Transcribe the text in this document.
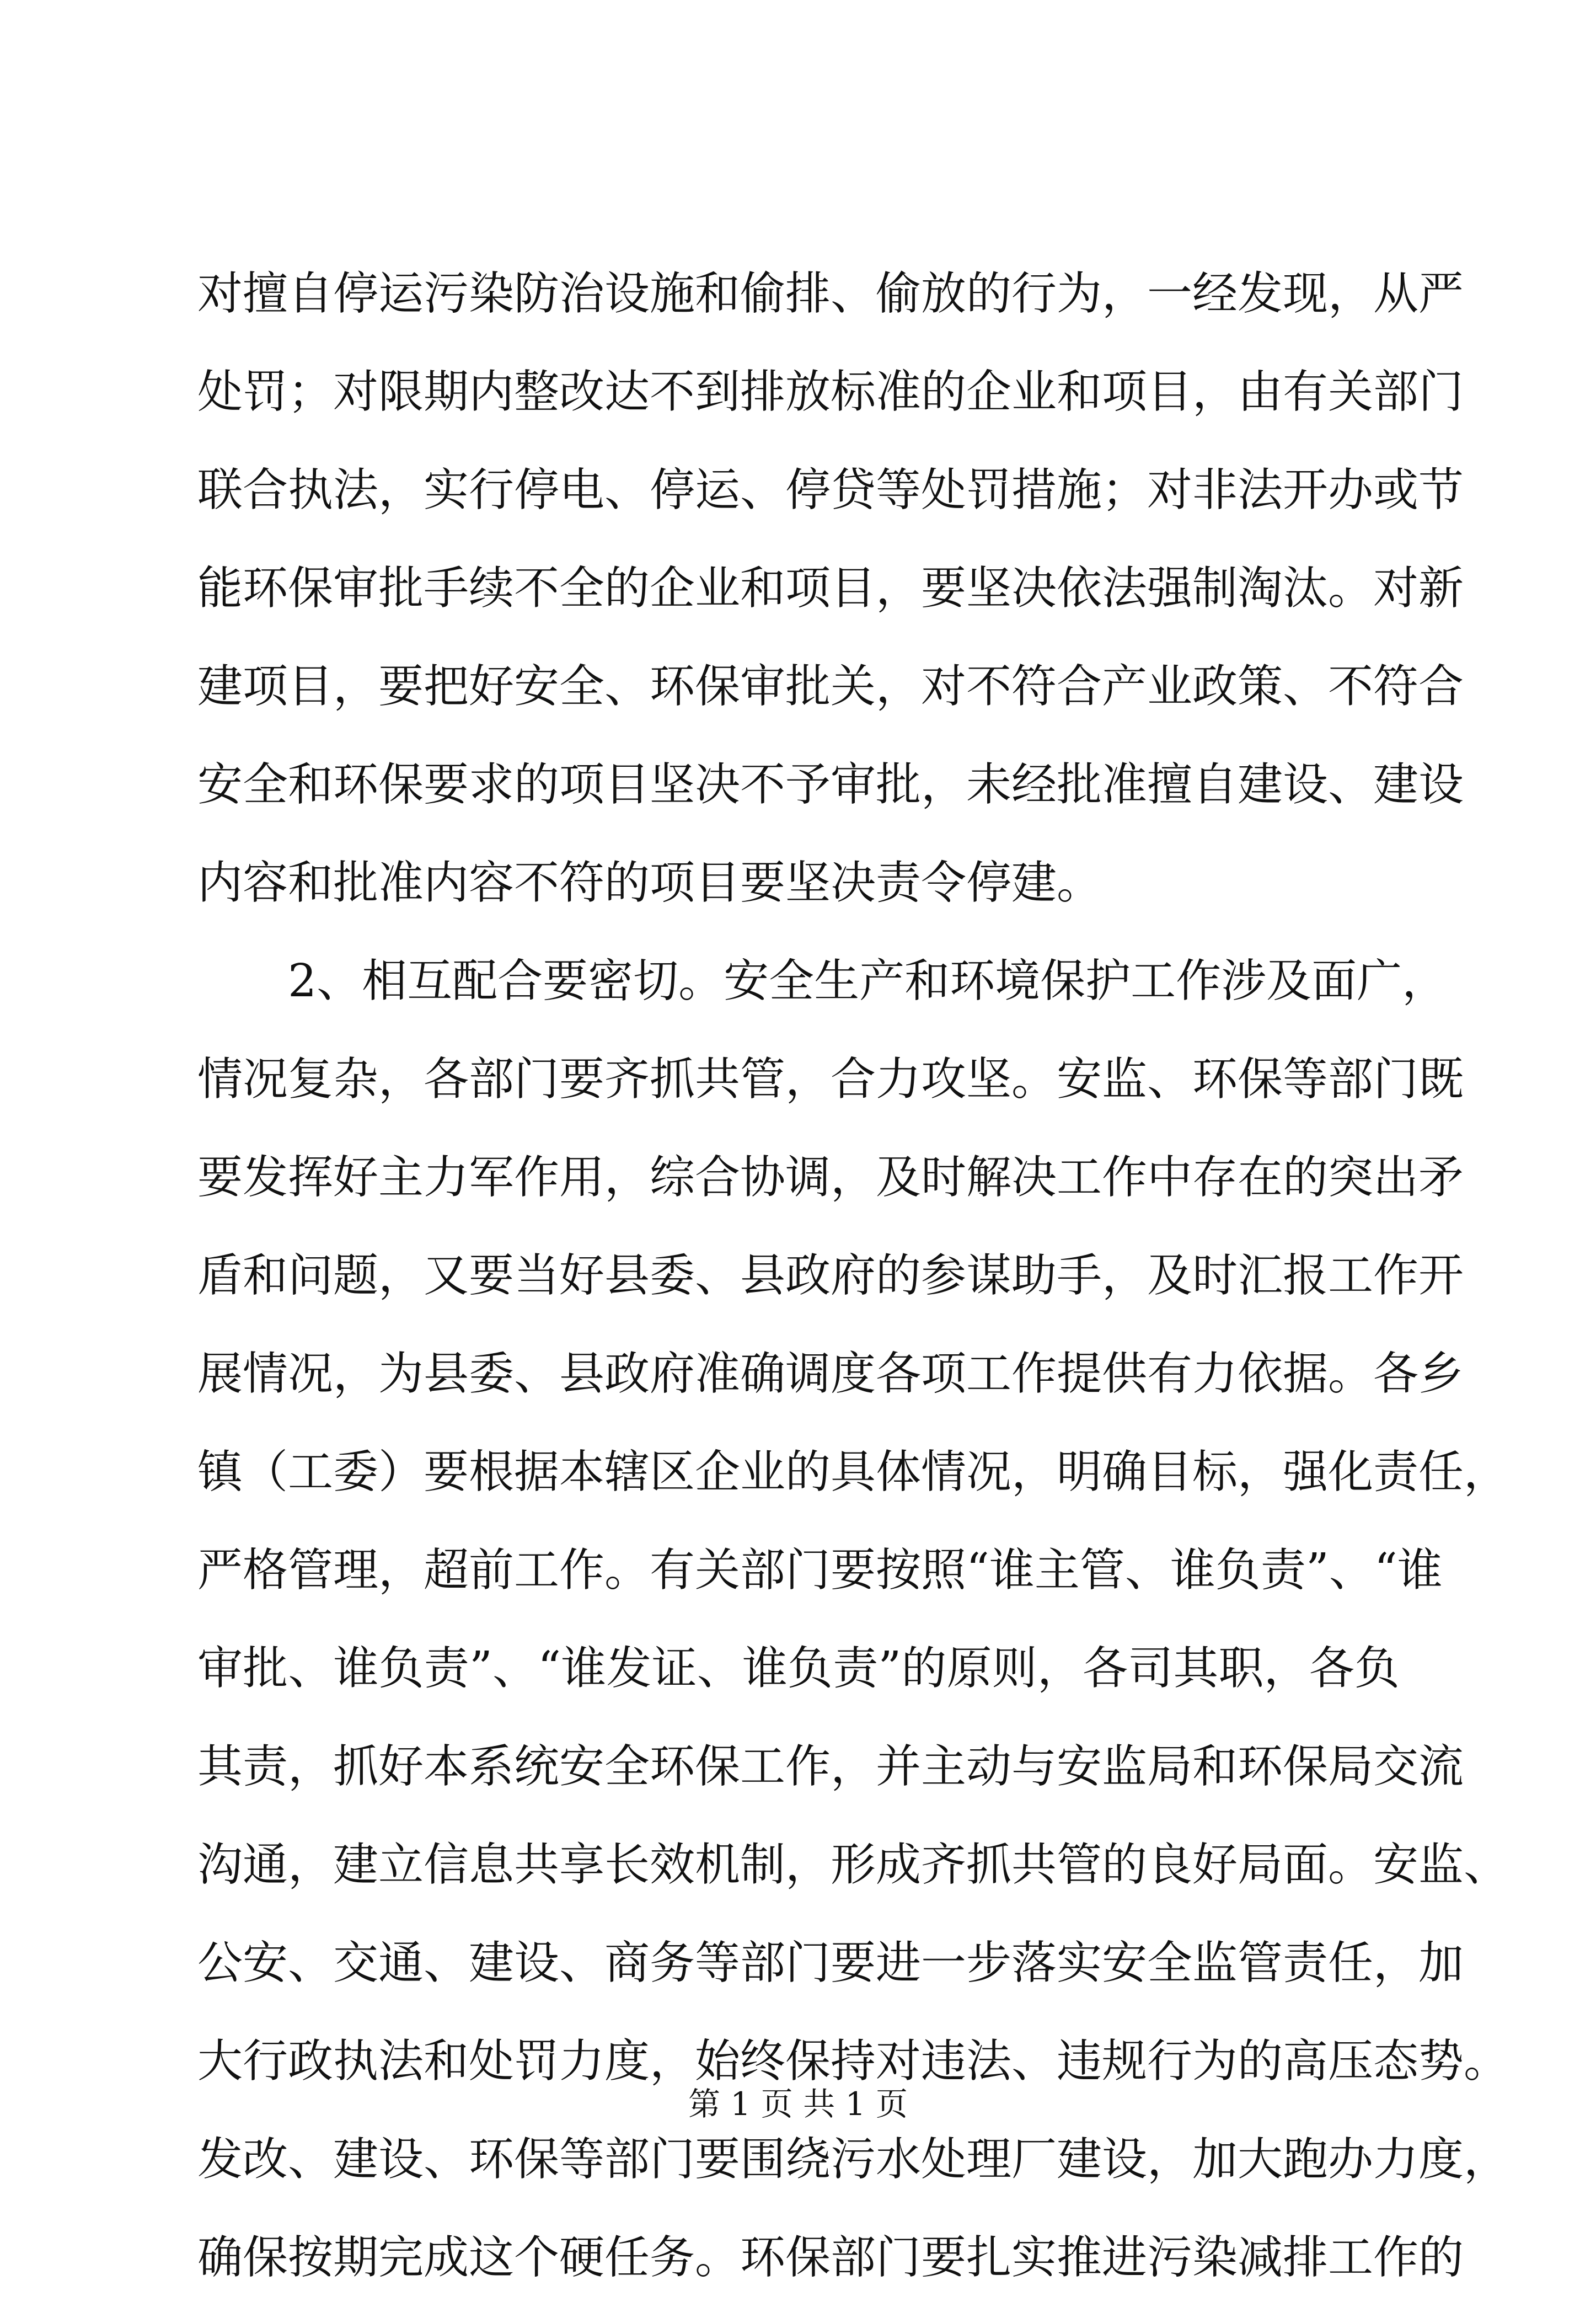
对擅自停运污染防治设施和偷排、偷放的行为，一经发现，从严
处罚；对限期内整改达不到排放标准的企业和项目，由有关部门
联合执法，实行停电、停运、停贷等处罚措施；对非法开办或节
能环保审批手续不全的企业和项目，要坚决依法强制淘汰。对新
建项目，要把好安全、环保审批关，对不符合产业政策、不符合
安全和环保要求的项目坚决不予审批，未经批准擅自建设、建设
内容和批准内容不符的项目要坚决责令停建。
　　2、相互配合要密切。安全生产和环境保护工作涉及面广，
情况复杂，各部门要齐抓共管，合力攻坚。安监、环保等部门既
要发挥好主力军作用，综合协调，及时解决工作中存在的突出矛
盾和问题，又要当好县委、县政府的参谋助手，及时汇报工作开
展情况，为县委、县政府准确调度各项工作提供有力依据。各乡
镇（工委）要根据本辖区企业的具体情况，明确目标，强化责任，
严格管理，超前工作。有关部门要按照“谁主管、谁负责”、“谁
审批、谁负责”、“谁发证、谁负责”的原则，各司其职，各负
其责，抓好本系统安全环保工作，并主动与安监局和环保局交流
沟通，建立信息共享长效机制，形成齐抓共管的良好局面。安监、
公安、交通、建设、商务等部门要进一步落实安全监管责任，加
大行政执法和处罚力度，始终保持对违法、违规行为的高压态势。
发改、建设、环保等部门要围绕污水处理厂建设，加大跑办力度，
确保按期完成这个硬任务。环保部门要扎实推进污染减排工作的
第 1 页 共 1 页
